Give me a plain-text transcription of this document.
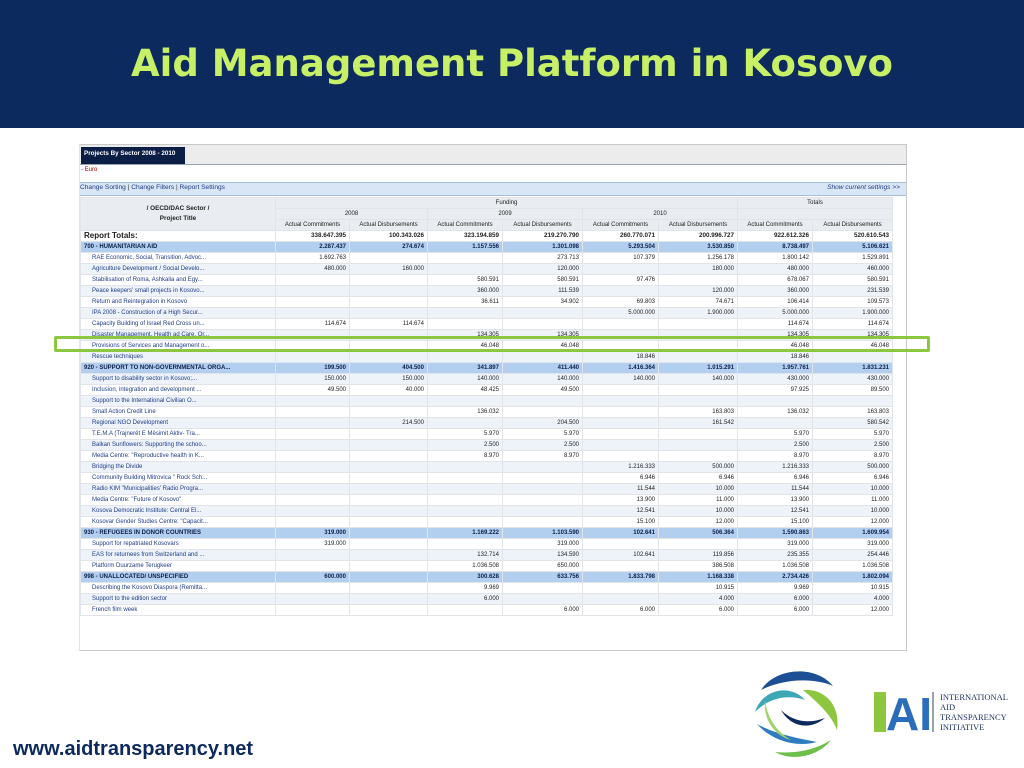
Aid Management Platform in Kosovo
Projects By Sector 2008 - 2010
- Euro
Change Sorting | Change Filters | Report Settings	Show current settings >>
/ OECD/DAC Sector /
Project Title	Funding						Totals	
	2008		2009		2010			
	Actual Commitments	Actual Disbursements	Actual Commitments	Actual Disbursements	Actual Commitments	Actual Disbursements	Actual Commitments	Actual Disbursements
Report Totals:	338.647.395	100.343.026	323.194.859	219.270.790	260.770.071	200.996.727	922.612.326	520.610.543
700 - HUMANITARIAN AID	2.287.437	274.674	1.157.556	1.301.098	5.293.504	3.530.850	8.738.497	5.106.621
RAE Economic, Social, Transition, Advoc...	1.692.763			273.713	107.379	1.256.178	1.800.142	1.529.891
Agriculture Development / Social Develo...	480.000	160.000		120.000		180.000	480.000	460.000
Stabilisation of Roma, Ashkalia and Egy...			580.591	580.591	97.476		678.067	580.591
Peace keepers' small projects in Kosovo...			360.000	111.539		120.000	360.000	231.539
Return and Reintegration in Kosovo			36.611	34.902	69.803	74.671	106.414	109.573
IPA 2008 - Construction of a High Secur...					5.000.000	1.900.000	5.000.000	1.900.000
Capacity Building of Israel Red Cross un...	114.674	114.674					114.674	114.674
Disaster Management, Health ad Care, Or...			134.305	134.305			134.305	134.305
Provisions of Services and Management o...			46.048	46.048			46.048	46.048
Rescue techniques					18.846		18.846	
920 - SUPPORT TO NON-GOVERNMENTAL ORGA...	199.500	404.500	341.897	411.440	1.416.364	1.015.291	1.957.761	1.831.231
Support to disability sector in Kosovo;...	150.000	150.000	140.000	140.000	140.000	140.000	430.000	430.000
Inclusion, integration and development ...	49.500	40.000	48.425	49.500			97.925	89.500
Support to the International Civilian O...								
Small Action Credit Line			136.032			163.803	136.032	163.803
Regional NGO Development		214.500		204.500		161.542		580.542
T.E.M.A (Trajnerët E Mësimit Aktiv- Tra...			5.970	5.970			5.970	5.970
Balkan Sunflowers: Supporting the schoo...			2.500	2.500			2.500	2.500
Media Centre: "Reproductive health in K...			8.970	8.970			8.970	8.970
Bridging the Divide					1.216.333	500.000	1.216.333	500.000
Community Building Mitrovica " Rock Sch...					6.946	6.946	6.946	6.946
Radio KIM "Municipalities' Radio Progra...					11.544	10.000	11.544	10.000
Media Centre: "Future of Kosovo"					13.900	11.000	13.900	11.000
Kosova Democratic Institute: Central El...					12.541	10.000	12.541	10.000
Kosovar Gender Studies Centre: "Capacit...					15.100	12.000	15.100	12.000
930 - REFUGEES IN DONOR COUNTRIES	319.000		1.169.222	1.103.590	102.641	506.364	1.590.863	1.609.954
Support for repatriated Kosovars	319.000			319.000			319.000	319.000
EAS for returnees from Switzerland and ...			132.714	134.590	102.641	119.856	235.355	254.446
Platform Duurzame Terugkeer			1.036.508	650.000		386.508	1.036.508	1.036.508
998 - UNALLOCATED/ UNSPECIFIED	600.000		300.628	633.756	1.833.798	1.168.338	2.734.426	1.802.094
Describing the Kosovo Diaspora (Remitta...			9.969			10.915	9.969	10.915
Support to the edition sector			6.000			4.000	6.000	4.000
French film week				6.000	6.000	6.000	6.000	12.000
www.aidtransparency.net
AI INTERNATIONAL
AID
TRANSPARENCY
INITIATIVE
